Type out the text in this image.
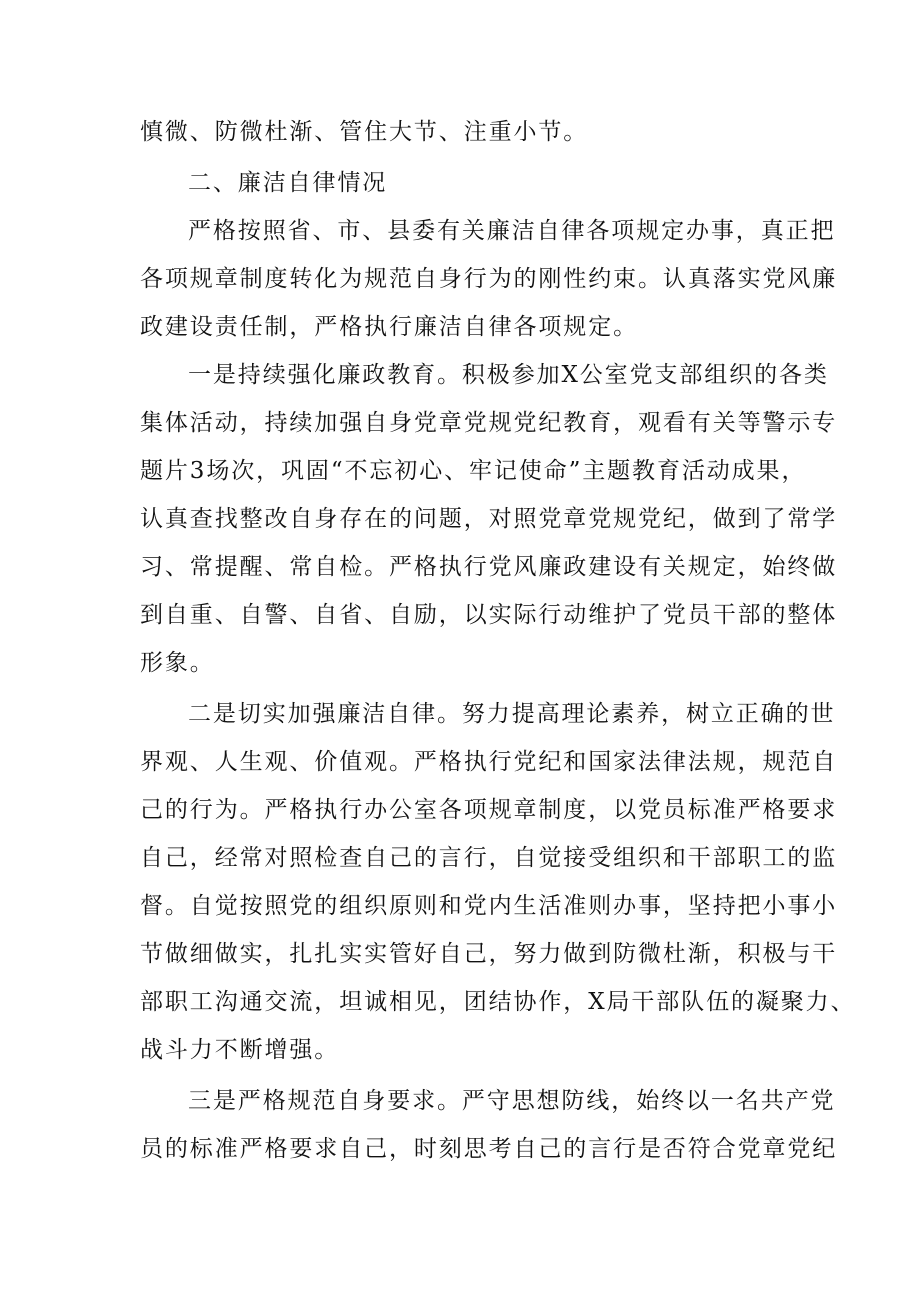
慎微、防微杜渐、管住大节、注重小节。
二、廉洁自律情况
严格按照省、市、县委有关廉洁自律各项规定办事，真正把
各项规章制度转化为规范自身行为的刚性约束。认真落实党风廉
政建设责任制，严格执行廉洁自律各项规定。
一是持续强化廉政教育。积极参加X公室党支部组织的各类
集体活动，持续加强自身党章党规党纪教育，观看有关等警示专
题片3场次，巩固“不忘初心、牢记使命”主题教育活动成果，
认真查找整改自身存在的问题，对照党章党规党纪，做到了常学
习、常提醒、常自检。严格执行党风廉政建设有关规定，始终做
到自重、自警、自省、自励，以实际行动维护了党员干部的整体
形象。
二是切实加强廉洁自律。努力提高理论素养，树立正确的世
界观、人生观、价值观。严格执行党纪和国家法律法规，规范自
己的行为。严格执行办公室各项规章制度，以党员标准严格要求
自己，经常对照检查自己的言行，自觉接受组织和干部职工的监
督。自觉按照党的组织原则和党内生活准则办事，坚持把小事小
节做细做实，扎扎实实管好自己，努力做到防微杜渐，积极与干
部职工沟通交流，坦诚相见，团结协作，X局干部队伍的凝聚力、
战斗力不断增强。
三是严格规范自身要求。严守思想防线，始终以一名共产党
员的标准严格要求自己，时刻思考自己的言行是否符合党章党纪
